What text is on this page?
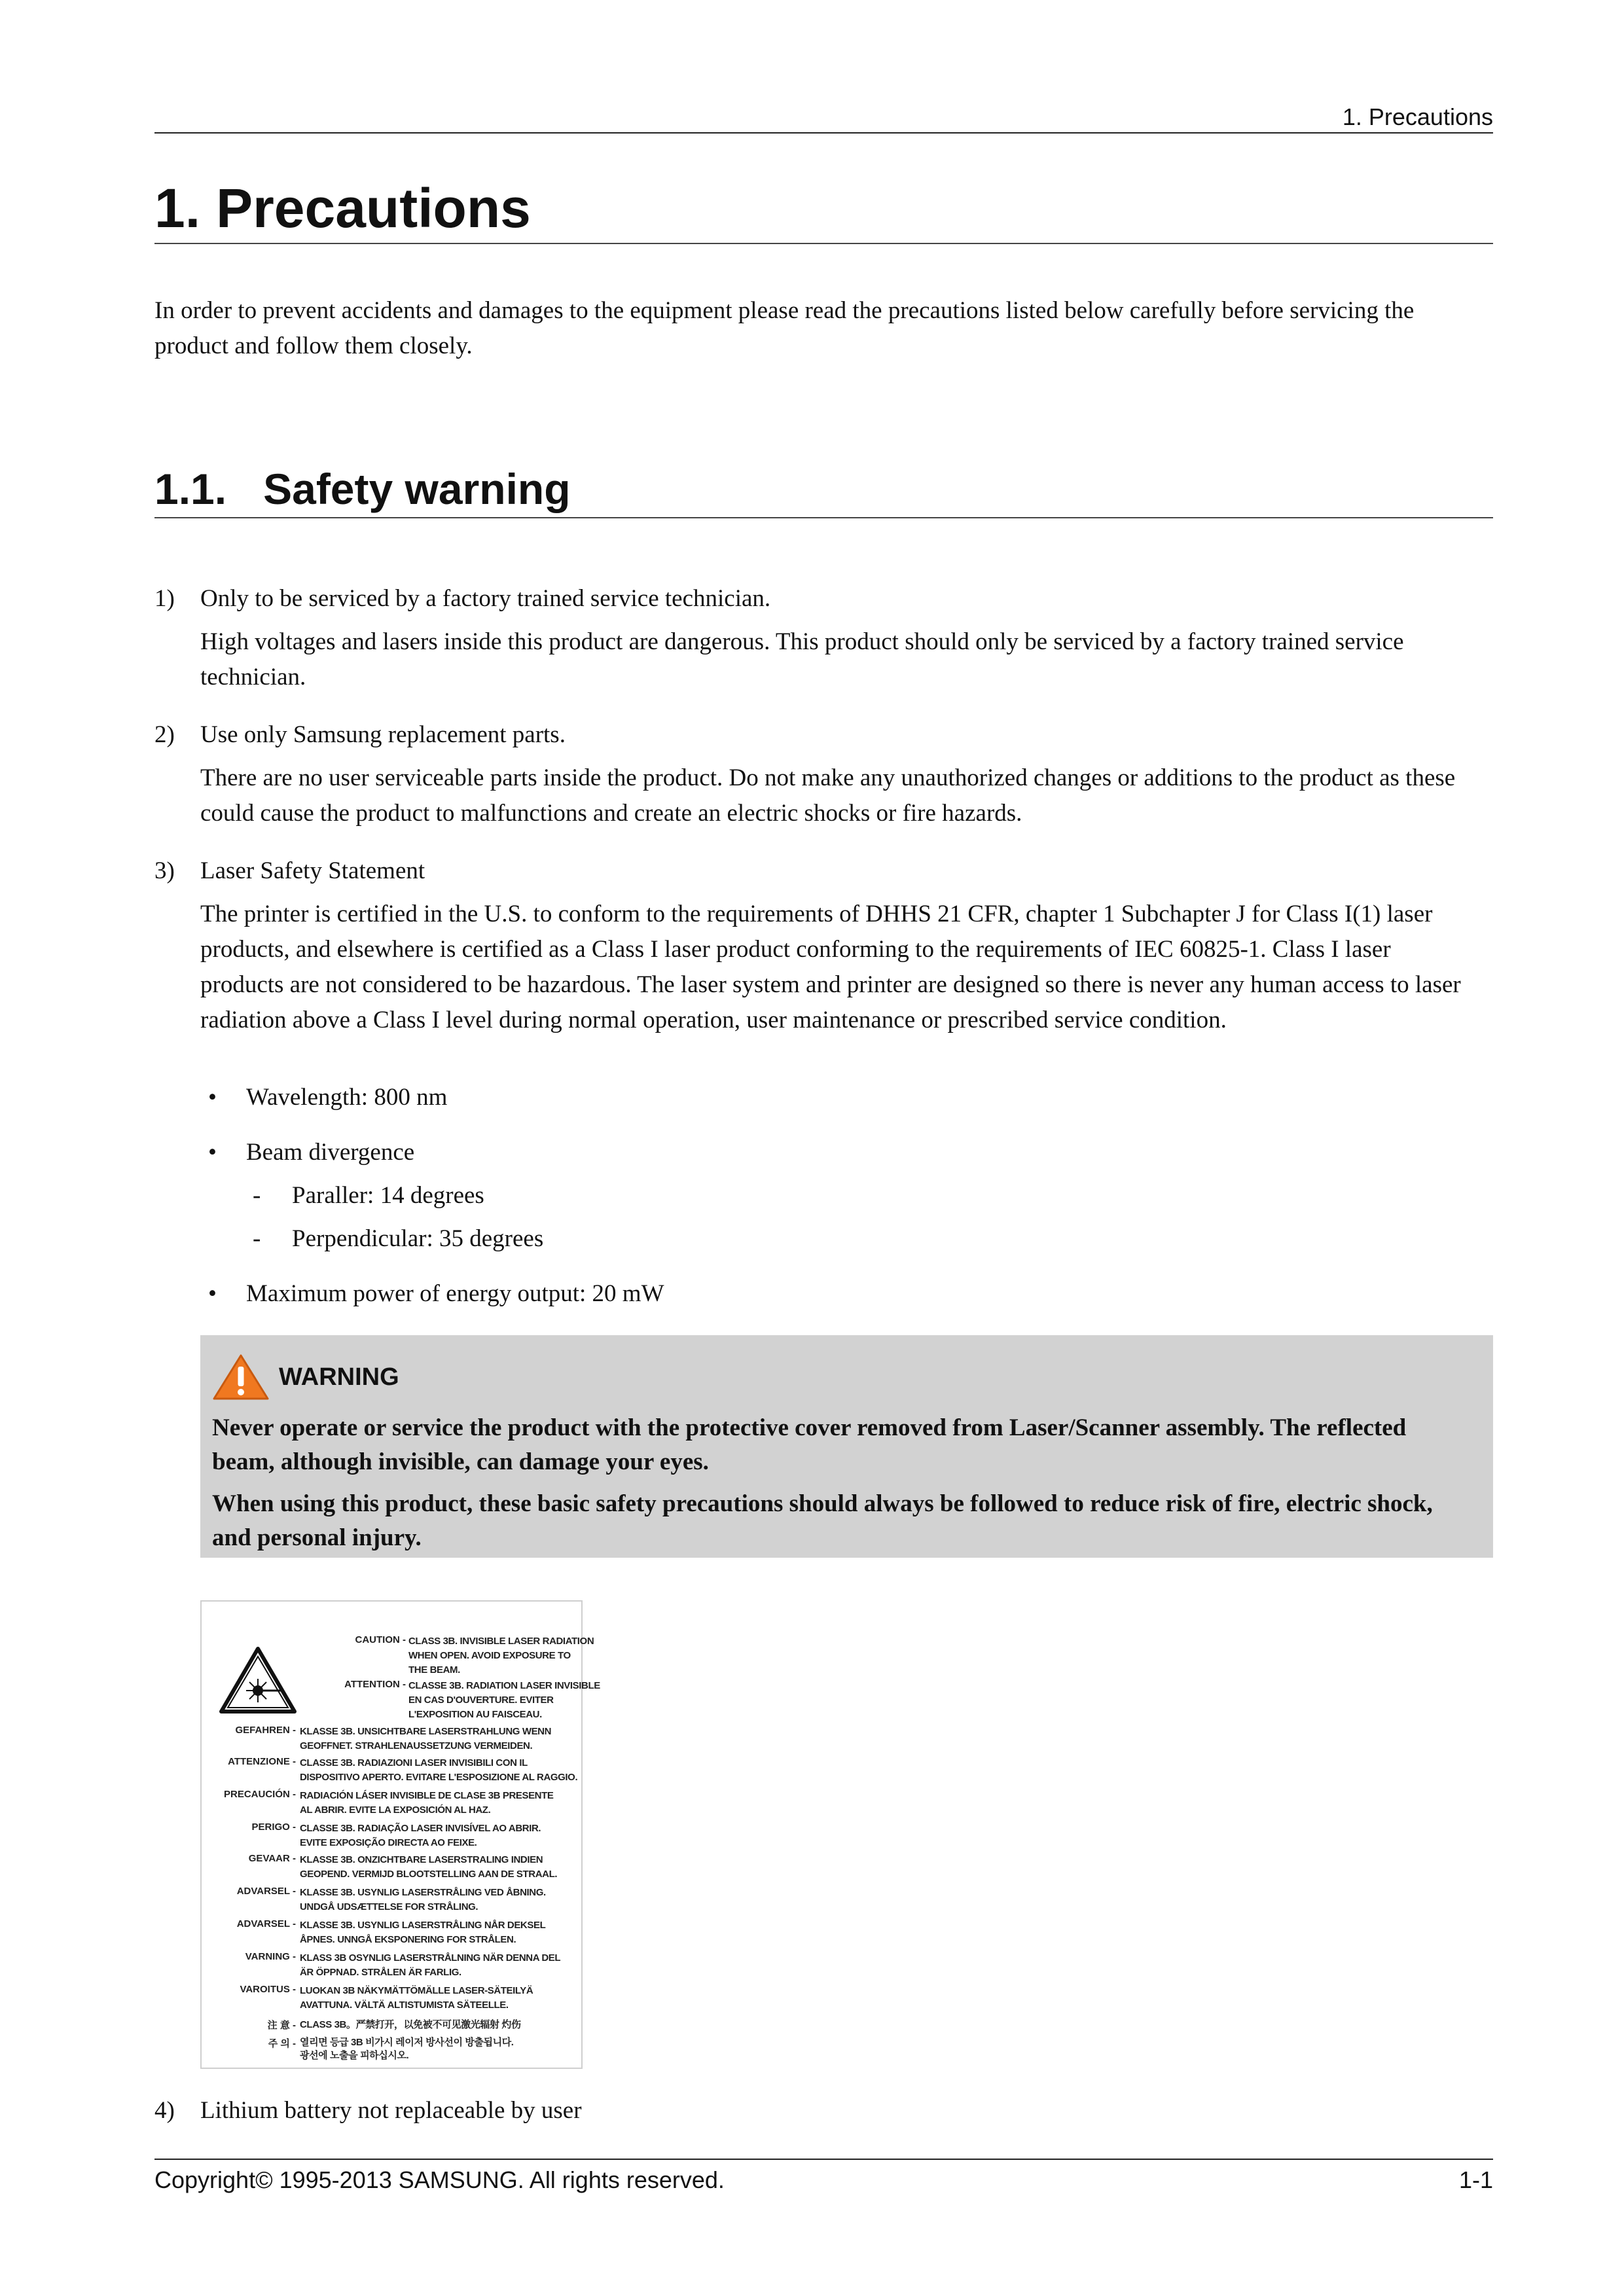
1. Precautions
1. Precautions
In order to prevent accidents and damages to the equipment please read the precautions listed below carefully before servicing the product and follow them closely.
1.1. Safety warning
1) Only to be serviced by a factory trained service technician.

High voltages and lasers inside this product are dangerous. This product should only be serviced by a factory trained service technician.

2) Use only Samsung replacement parts.

There are no user serviceable parts inside the product. Do not make any unauthorized changes or additions to the product as these could cause the product to malfunctions and create an electric shocks or fire hazards.

3) Laser Safety Statement

The printer is certified in the U.S. to conform to the requirements of DHHS 21 CFR, chapter 1 Subchapter J for Class I(1) laser products, and elsewhere is certified as a Class I laser product conforming to the requirements of IEC 60825-1. Class I laser products are not considered to be hazardous. The laser system and printer are designed so there is never any human access to laser radiation above a Class I level during normal operation, user maintenance or prescribed service condition.

• Wavelength: 800 nm
• Beam divergence
- Paraller: 14 degrees
- Perpendicular: 35 degrees
• Maximum power of energy output: 20 mW
WARNING

Never operate or service the product with the protective cover removed from Laser/Scanner assembly. The reflected beam, although invisible, can damage your eyes.

When using this product, these basic safety precautions should always be followed to reduce risk of fire, electric shock, and personal injury.

CAUTION - CLASS 3B. INVISIBLE LASER RADIATION
WHEN OPEN. AVOID EXPOSURE TO
THE BEAM.
ATTENTION - CLASSE 3B. RADIATION LASER INVISIBLE
EN CAS D'OUVERTURE. EVITER
L'EXPOSITION AU FAISCEAU.
GEFAHREN - KLASSE 3B. UNSICHTBARE LASERSTRAHLUNG WENN
GEOFFNET. STRAHLENAUSSETZUNG VERMEIDEN.
ATTENZIONE - CLASSE 3B. RADIAZIONI LASER INVISIBILI CON IL
DISPOSITIVO APERTO. EVITARE L'ESPOSIZIONE AL RAGGIO.
PRECAUCIÓN - RADIACIÓN LÁSER INVISIBLE DE CLASE 3B PRESENTE
AL ABRIR. EVITE LA EXPOSICIÓN AL HAZ.
PERIGO - CLASSE 3B. RADIAÇÃO LASER INVISÍVEL AO ABRIR.
EVITE EXPOSIÇÃO DIRECTA AO FEIXE.
GEVAAR - KLASSE 3B. ONZICHTBARE LASERSTRALING INDIEN
GEOPEND. VERMIJD BLOOTSTELLING AAN DE STRAAL.
ADVARSEL - KLASSE 3B. USYNLIG LASERSTRÅLING VED ÅBNING.
UNDGÅ UDSÆTTELSE FOR STRÅLING.
ADVARSEL - KLASSE 3B. USYNLIG LASERSTRÅLING NÅR DEKSEL
ÅPNES. UNNGÅ EKSPONERING FOR STRÅLEN.
VARNING - KLASS 3B OSYNLIG LASERSTRÅLNING NÄR DENNA DEL
ÄR ÖPPNAD. STRÅLEN ÄR FARLIG.
VAROITUS - LUOKAN 3B NÄKYMÄTTÖMÄLLE LASER-SÄTEILYÄ
AVATTUNA. VÄLTÄ ALTISTUMISTA SÄTEELLE.
注 意 - CLASS 3B。严禁打开，以免被不可见激光辐射 灼伤
주 의 - 열리면 등급 3B 비가시 레이저 방사선이 방출됩니다.
광선에 노출을 피하십시오.
4) Lithium battery not replaceable by user

Copyright© 1995-2013 SAMSUNG. All rights reserved.	1-1
